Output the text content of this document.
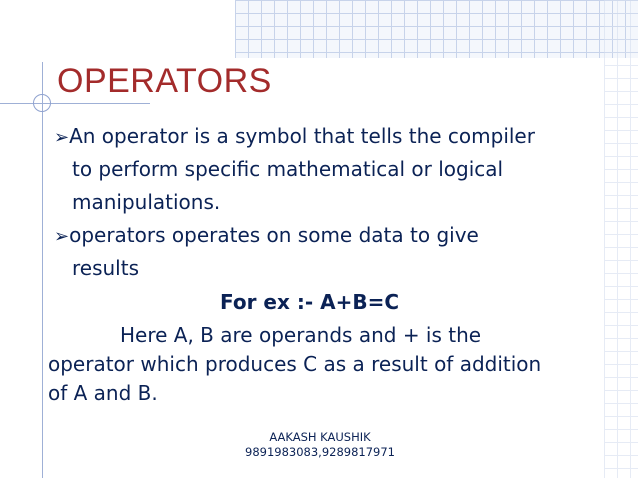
OPERATORS
➢An operator is a symbol that tells the compiler
to perform specific mathematical or logical
manipulations.
➢operators operates on some data to give
results
For ex :- A+B=C
Here A, B are operands and + is the
operator which produces C as a result of addition
of A and B.
AAKASH KAUSHIK
9891983083,9289817971
